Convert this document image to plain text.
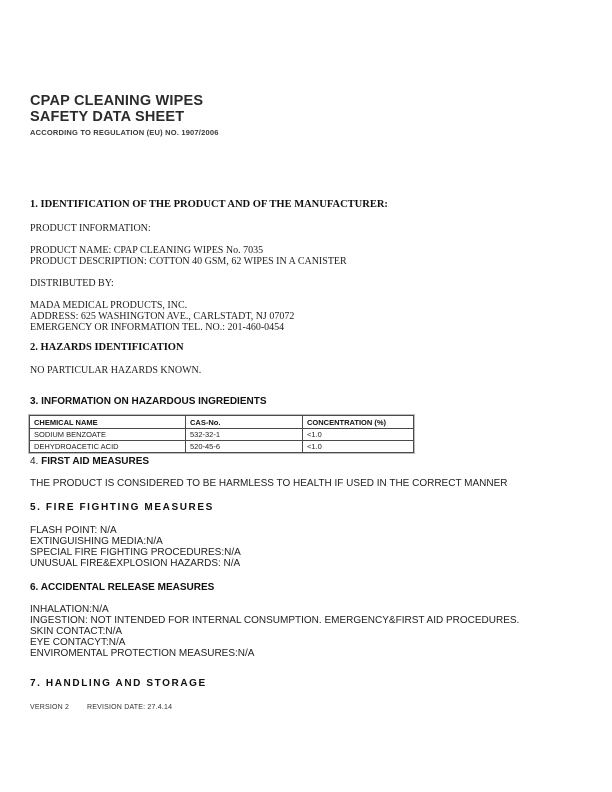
CPAP CLEANING WIPES
SAFETY DATA SHEET
ACCORDING TO REGULATION (EU) NO. 1907/2006
1. IDENTIFICATION OF THE PRODUCT AND OF THE MANUFACTURER:
PRODUCT INFORMATION:
PRODUCT NAME: CPAP CLEANING WIPES No. 7035
PRODUCT DESCRIPTION: COTTON 40 GSM, 62 WIPES IN A CANISTER
DISTRIBUTED BY:
MADA MEDICAL PRODUCTS, INC.
ADDRESS: 625 WASHINGTON AVE., CARLSTADT, NJ 07072
EMERGENCY OR INFORMATION TEL. NO.: 201-460-0454
2. HAZARDS IDENTIFICATION
NO PARTICULAR HAZARDS KNOWN.
3. INFORMATION ON HAZARDOUS INGREDIENTS
CHEMICAL NAME	CAS-No.	CONCENTRATION (%)
SODIUM BENZOATE	532-32-1	<1.0
DEHYDROACETIC ACID	520-45-6	<1.0
4. FIRST AID MEASURES
THE PRODUCT IS CONSIDERED TO BE HARMLESS TO HEALTH IF USED IN THE CORRECT MANNER
5. FIRE FIGHTING MEASURES
FLASH POINT: N/A
EXTINGUISHING MEDIA:N/A
SPECIAL FIRE FIGHTING PROCEDURES:N/A
UNUSUAL FIRE&EXPLOSION HAZARDS: N/A
6. ACCIDENTAL RELEASE MEASURES
INHALATION:N/A
INGESTION: NOT INTENDED FOR INTERNAL CONSUMPTION. EMERGENCY&FIRST AID PROCEDURES.
SKIN CONTACT:N/A
EYE CONTACYT:N/A
ENVIROMENTAL PROTECTION MEASURES:N/A
7. HANDLING AND STORAGE
VERSION 2	REVISION DATE: 27.4.14
